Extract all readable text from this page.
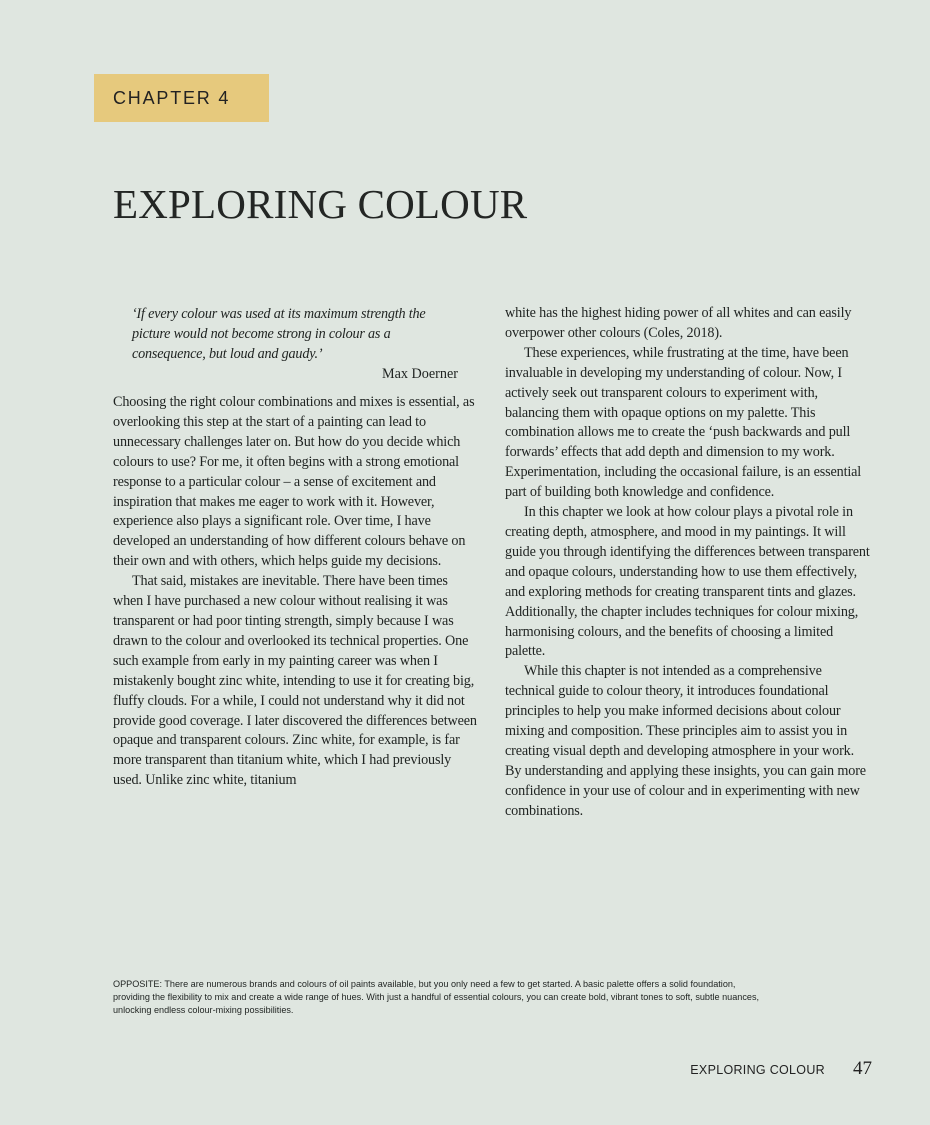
CHAPTER 4
EXPLORING COLOUR
‘If every colour was used at its maximum strength the picture would not become strong in colour as a consequence, but loud and gaudy.’
Max Doerner

Choosing the right colour combinations and mixes is essential, as overlooking this step at the start of a painting can lead to unnecessary challenges later on. But how do you decide which colours to use? For me, it often begins with a strong emotional response to a particular colour – a sense of excitement and inspiration that makes me eager to work with it. However, experience also plays a significant role. Over time, I have developed an understanding of how different colours behave on their own and with others, which helps guide my decisions.

That said, mistakes are inevitable. There have been times when I have purchased a new colour without realising it was transparent or had poor tinting strength, simply because I was drawn to the colour and overlooked its technical properties. One such example from early in my painting career was when I mistakenly bought zinc white, intending to use it for creating big, fluffy clouds. For a while, I could not understand why it did not provide good coverage. I later discovered the differences between opaque and transparent colours. Zinc white, for example, is far more transparent than titanium white, which I had previously used. Unlike zinc white, titanium

white has the highest hiding power of all whites and can easily overpower other colours (Coles, 2018).

These experiences, while frustrating at the time, have been invaluable in developing my understanding of colour. Now, I actively seek out transparent colours to experiment with, balancing them with opaque options on my palette. This combination allows me to create the ‘push backwards and pull forwards’ effects that add depth and dimension to my work. Experimentation, including the occasional failure, is an essential part of building both knowledge and confidence.

In this chapter we look at how colour plays a pivotal role in creating depth, atmosphere, and mood in my paintings. It will guide you through identifying the differences between transparent and opaque colours, understanding how to use them effectively, and exploring methods for creating transparent tints and glazes. Additionally, the chapter includes techniques for colour mixing, harmonising colours, and the benefits of choosing a limited palette.

While this chapter is not intended as a comprehensive technical guide to colour theory, it introduces foundational principles to help you make informed decisions about colour mixing and composition. These principles aim to assist you in creating visual depth and developing atmosphere in your work. By understanding and applying these insights, you can gain more confidence in your use of colour and in experimenting with new combinations.

OPPOSITE: There are numerous brands and colours of oil paints available, but you only need a few to get started. A basic palette offers a solid foundation, providing the flexibility to mix and create a wide range of hues. With just a handful of essential colours, you can create bold, vibrant tones to soft, subtle nuances, unlocking endless colour-mixing possibilities.
EXPLORING COLOUR 47
